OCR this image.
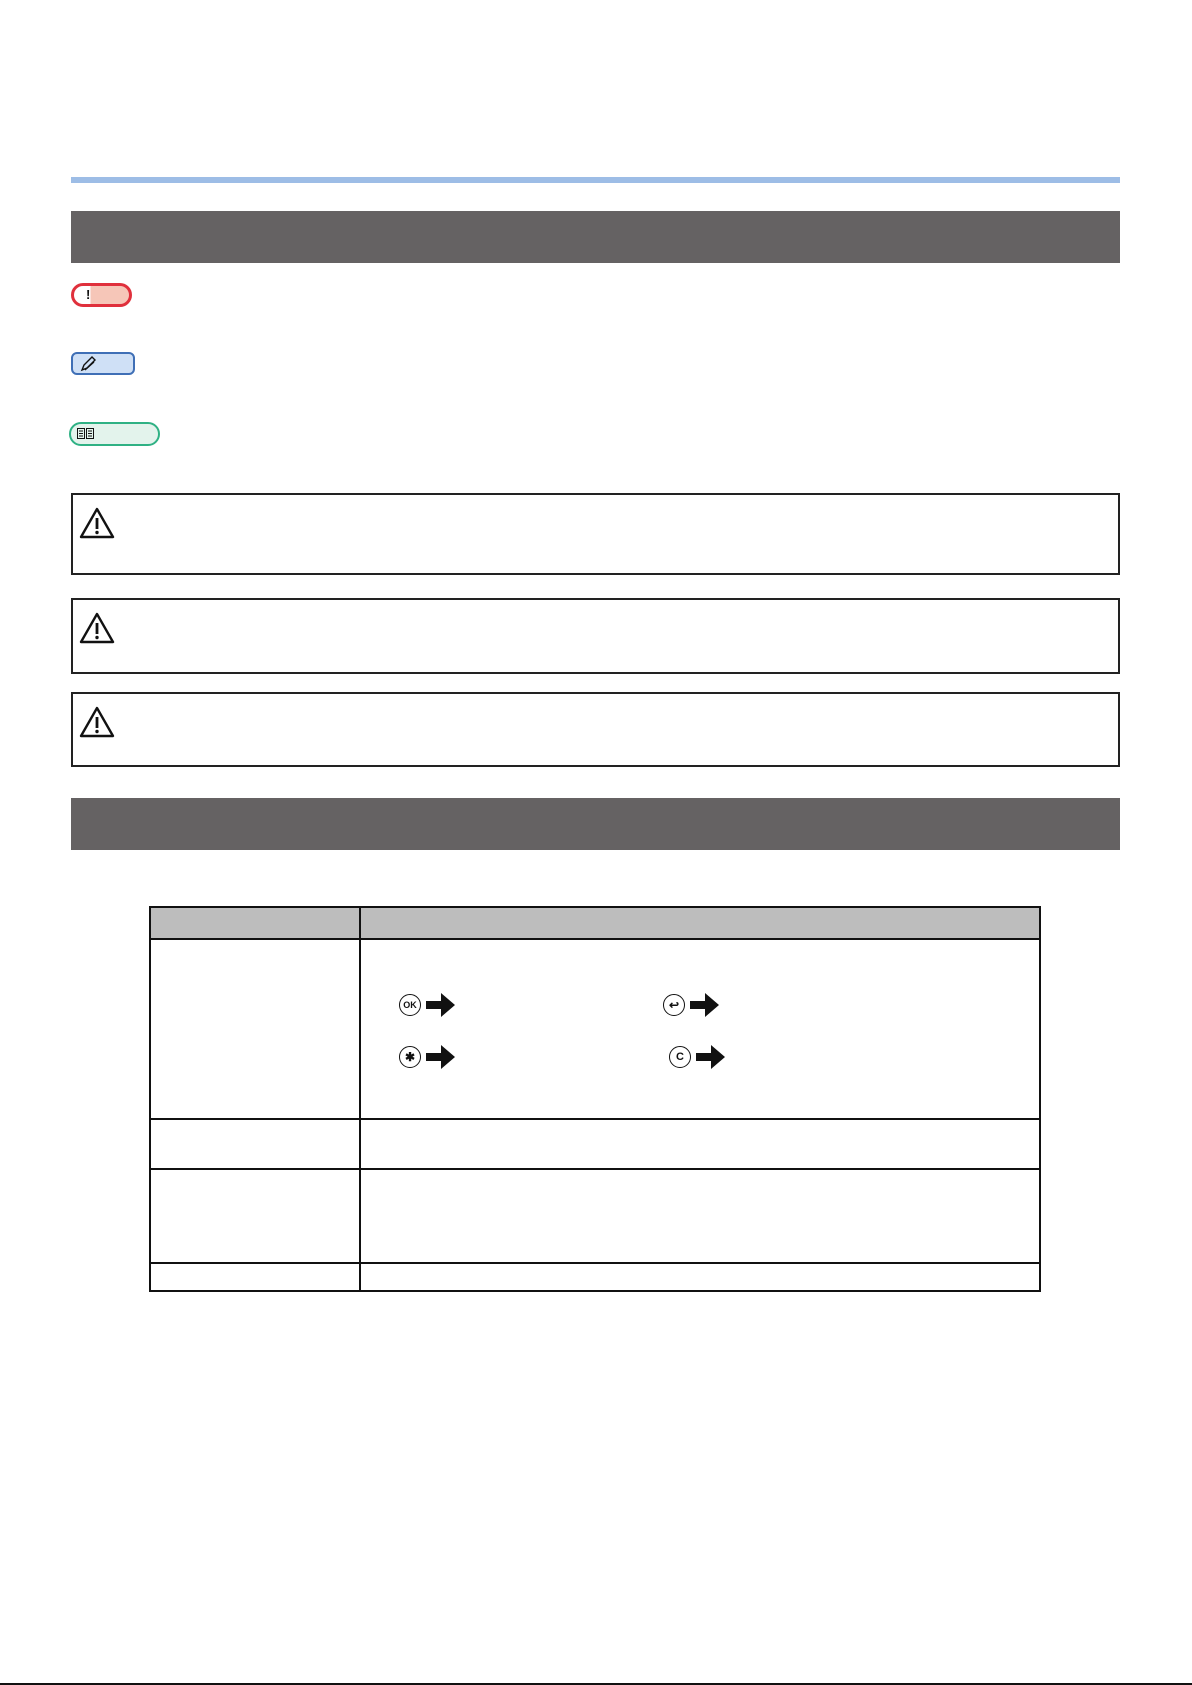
!

OK ↩
✱ C
